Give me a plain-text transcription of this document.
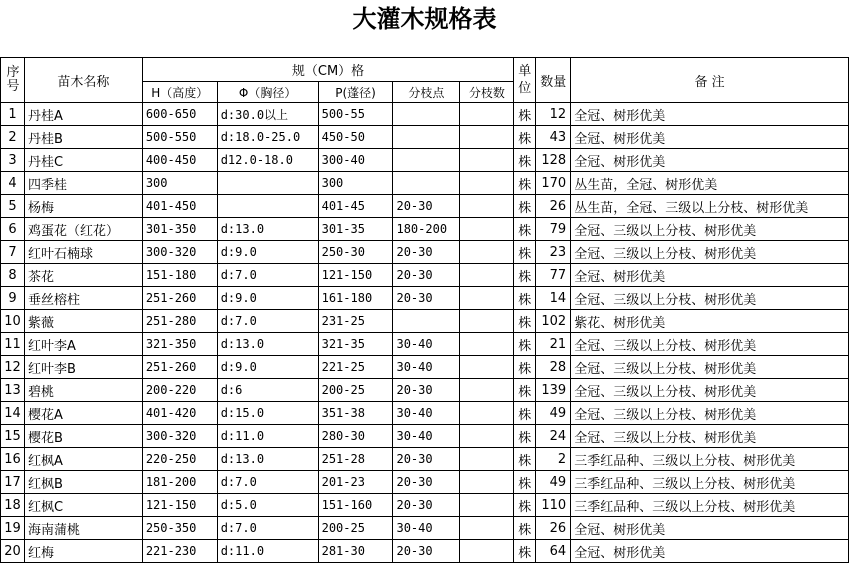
大灌木规格表
序号	苗木名称	规（CM）格					单位	数量	备 注
		H（高度）	Φ（胸径）	P(蓬径)	分枝点	分枝数			
1	丹桂A	600-650	d:30.0以上	500-55			株	12	全冠、树形优美
2	丹桂B	500-550	d:18.0-25.0	450-50			株	43	全冠、树形优美
3	丹桂C	400-450	d12.0-18.0	300-40			株	128	全冠、树形优美
4	四季桂	300		300			株	170	丛生苗，全冠、树形优美
5	杨梅	401-450		401-45	20-30		株	26	丛生苗，全冠、三级以上分枝、树形优美
6	鸡蛋花（红花）	301-350	d:13.0	301-35	180-200		株	79	全冠、三级以上分枝、树形优美
7	红叶石楠球	300-320	d:9.0	250-30	20-30		株	23	全冠、三级以上分枝、树形优美
8	茶花	151-180	d:7.0	121-150	20-30		株	77	全冠、树形优美
9	垂丝榕柱	251-260	d:9.0	161-180	20-30		株	14	全冠、三级以上分枝、树形优美
10	紫薇	251-280	d:7.0	231-25			株	102	紫花、树形优美
11	红叶李A	321-350	d:13.0	321-35	30-40		株	21	全冠、三级以上分枝、树形优美
12	红叶李B	251-260	d:9.0	221-25	30-40		株	28	全冠、三级以上分枝、树形优美
13	碧桃	200-220	d:6	200-25	20-30		株	139	全冠、三级以上分枝、树形优美
14	樱花A	401-420	d:15.0	351-38	30-40		株	49	全冠、三级以上分枝、树形优美
15	樱花B	300-320	d:11.0	280-30	30-40		株	24	全冠、三级以上分枝、树形优美
16	红枫A	220-250	d:13.0	251-28	20-30		株	2	三季红品种、三级以上分枝、树形优美
17	红枫B	181-200	d:7.0	201-23	20-30		株	49	三季红品种、三级以上分枝、树形优美
18	红枫C	121-150	d:5.0	151-160	20-30		株	110	三季红品种、三级以上分枝、树形优美
19	海南蒲桃	250-350	d:7.0	200-25	30-40		株	26	全冠、树形优美
20	红梅	221-230	d:11.0	281-30	20-30		株	64	全冠、树形优美
